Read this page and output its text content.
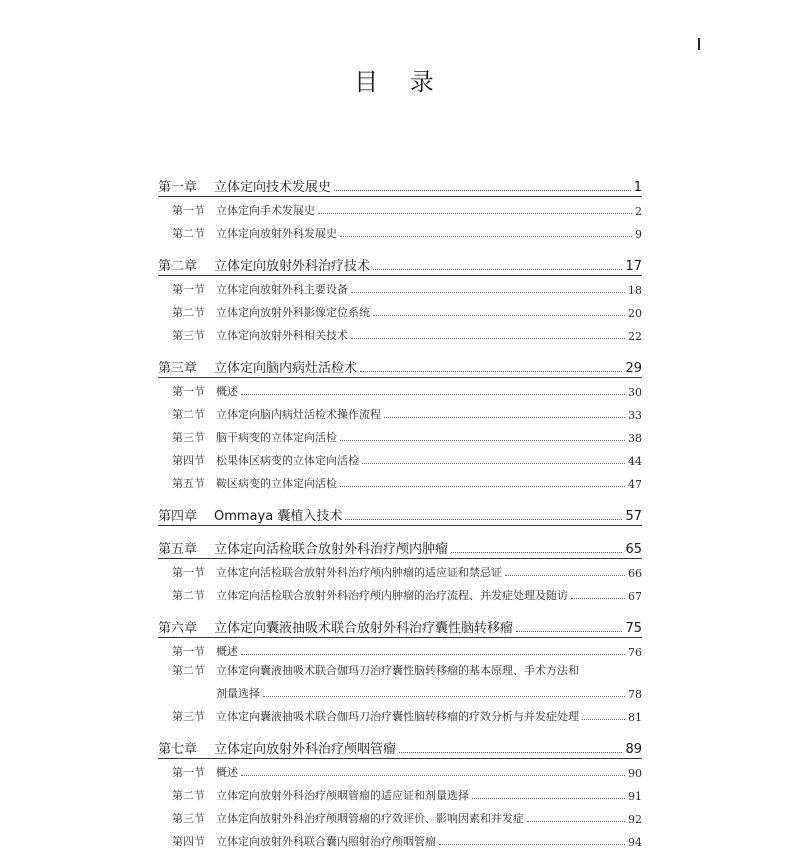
目 录
第一章	立体定向技术发展史	1
第一节	立体定向手术发展史	2
第二节	立体定向放射外科发展史	9
第二章	立体定向放射外科治疗技术	17
第一节	立体定向放射外科主要设备	18
第二节	立体定向放射外科影像定位系统	20
第三节	立体定向放射外科相关技术	22
第三章	立体定向脑内病灶活检术	29
第一节	概述	30
第二节	立体定向脑内病灶活检术操作流程	33
第三节	脑干病变的立体定向活检	38
第四节	松果体区病变的立体定向活检	44
第五节	鞍区病变的立体定向活检	47
第四章	Ommaya 囊植入技术	57
第五章	立体定向活检联合放射外科治疗颅内肿瘤	65
第一节	立体定向活检联合放射外科治疗颅内肿瘤的适应证和禁忌证	66
第二节	立体定向活检联合放射外科治疗颅内肿瘤的治疗流程、并发症处理及随访	67
第六章	立体定向囊液抽吸术联合放射外科治疗囊性脑转移瘤	75
第一节	概述	76
第二节	立体定向囊液抽吸术联合伽玛刀治疗囊性脑转移瘤的基本原理、手术方法和
剂量选择	78
第三节	立体定向囊液抽吸术联合伽玛刀治疗囊性脑转移瘤的疗效分析与并发症处理	81
第七章	立体定向放射外科治疗颅咽管瘤	89
第一节	概述	90
第二节	立体定向放射外科治疗颅咽管瘤的适应证和剂量选择	91
第三节	立体定向放射外科治疗颅咽管瘤的疗效评价、影响因素和并发症	92
第四节	立体定向放射外科联合囊内照射治疗颅咽管瘤	94
